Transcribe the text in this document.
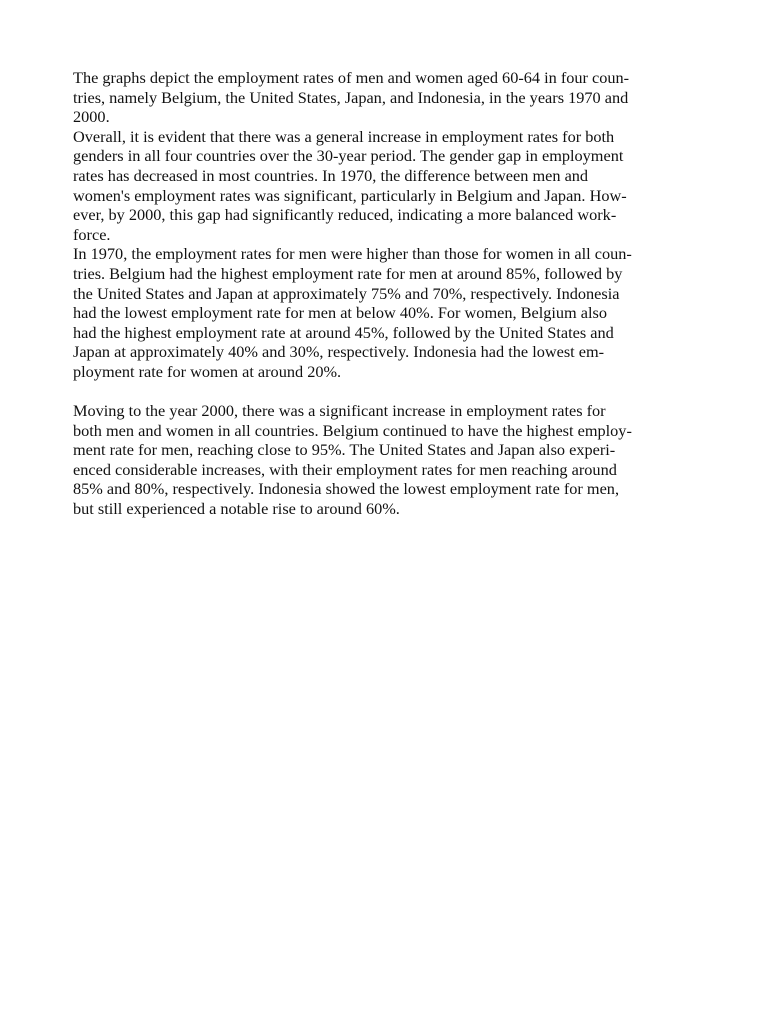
The graphs depict the employment rates of men and women aged 60-64 in four coun-
tries, namely Belgium, the United States, Japan, and Indonesia, in the years 1970 and
2000.
Overall, it is evident that there was a general increase in employment rates for both
genders in all four countries over the 30-year period. The gender gap in employment
rates has decreased in most countries. In 1970, the difference between men and
women's employment rates was significant, particularly in Belgium and Japan. How-
ever, by 2000, this gap had significantly reduced, indicating a more balanced work-
force.
In 1970, the employment rates for men were higher than those for women in all coun-
tries. Belgium had the highest employment rate for men at around 85%, followed by
the United States and Japan at approximately 75% and 70%, respectively. Indonesia
had the lowest employment rate for men at below 40%. For women, Belgium also
had the highest employment rate at around 45%, followed by the United States and
Japan at approximately 40% and 30%, respectively. Indonesia had the lowest em-
ployment rate for women at around 20%.
Moving to the year 2000, there was a significant increase in employment rates for
both men and women in all countries. Belgium continued to have the highest employ-
ment rate for men, reaching close to 95%. The United States and Japan also experi-
enced considerable increases, with their employment rates for men reaching around
85% and 80%, respectively. Indonesia showed the lowest employment rate for men,
but still experienced a notable rise to around 60%.
